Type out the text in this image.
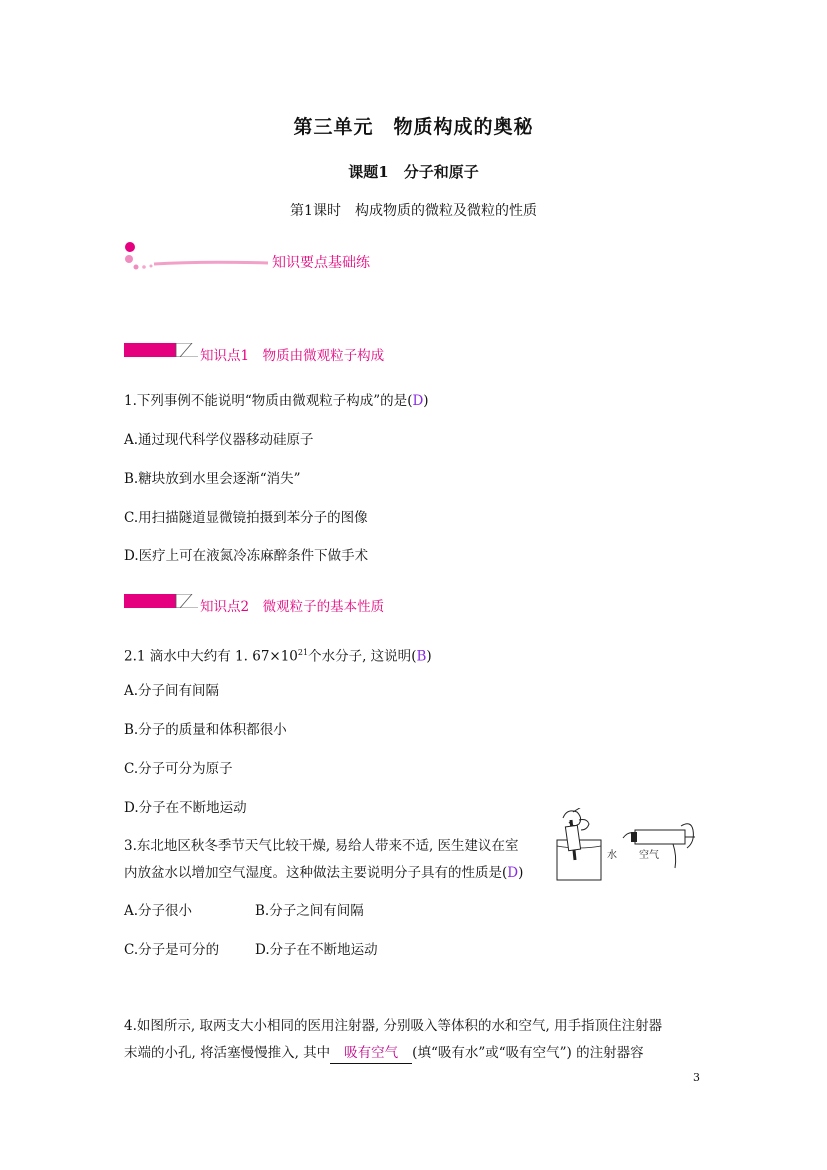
第三单元　物质构成的奥秘
课题1　分子和原子
第1课时　构成物质的微粒及微粒的性质
知识要点基础练
知识点1　物质由微观粒子构成
1.下列事例不能说明“物质由微观粒子构成”的是(D)
A.通过现代科学仪器移动硅原子
B.糖块放到水里会逐渐“消失”
C.用扫描隧道显微镜拍摄到苯分子的图像
D.医疗上可在液氮冷冻麻醉条件下做手术
知识点2　微观粒子的基本性质
2.1 滴水中大约有 1. $67\times 10^{21}$个水分子, 这说明(B)
A.分子间有间隔
B.分子的质量和体积都很小
C.分子可分为原子
D.分子在不断地运动
3.东北地区秋冬季节天气比较干燥, 易给人带来不适, 医生建议在室
内放盆水以增加空气湿度。这种做法主要说明分子具有的性质是(D)
A.分子很小	B.分子之间有间隔
C.分子是可分的	D.分子在不断地运动
水 空气
4.如图所示, 取两支大小相同的医用注射器, 分别吸入等体积的水和空气, 用手指顶住注射器
末端的小孔, 将活塞慢慢推入, 其中 吸有空气 (填“吸有水”或“吸有空气”) 的注射器容
3
